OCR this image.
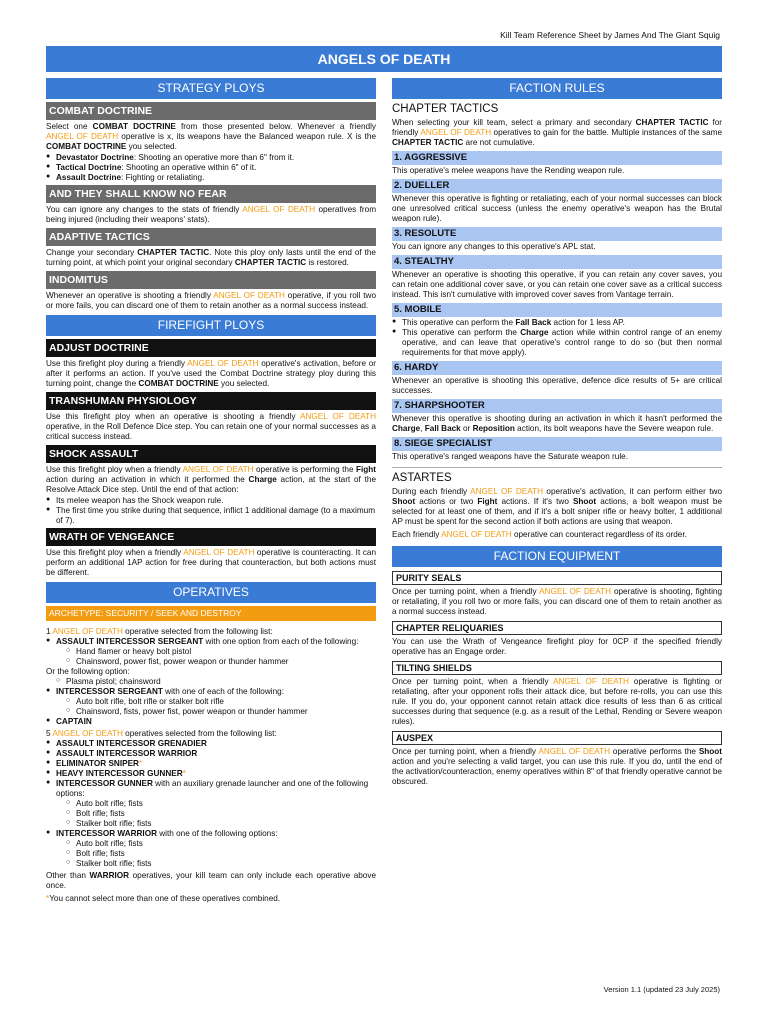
Kill Team Reference Sheet by James And The Giant Squig
ANGELS OF DEATH
STRATEGY PLOYS
COMBAT DOCTRINE
Select one COMBAT DOCTRINE from those presented below. Whenever a friendly ANGEL OF DEATH operative is x, its weapons have the Balanced weapon rule. X is the COMBAT DOCTRINE you selected.
● Devastator Doctrine: Shooting an operative more than 6" from it.
● Tactical Doctrine: Shooting an operative within 6" of it.
● Assault Doctrine: Fighting or retaliating.
AND THEY SHALL KNOW NO FEAR
You can ignore any changes to the stats of friendly ANGEL OF DEATH operatives from being injured (including their weapons' stats).
ADAPTIVE TACTICS
Change your secondary CHAPTER TACTIC. Note this ploy only lasts until the end of the turning point, at which point your original secondary CHAPTER TACTIC is restored.
INDOMITUS
Whenever an operative is shooting a friendly ANGEL OF DEATH operative, if you roll two or more fails, you can discard one of them to retain another as a normal success instead.
FIREFIGHT PLOYS
ADJUST DOCTRINE
Use this firefight ploy during a friendly ANGEL OF DEATH operative's activation, before or after it performs an action. If you've used the Combat Doctrine strategy ploy during this turning point, change the COMBAT DOCTRINE you selected.
TRANSHUMAN PHYSIOLOGY
Use this firefight ploy when an operative is shooting a friendly ANGEL OF DEATH operative, in the Roll Defence Dice step. You can retain one of your normal successes as a critical success instead.
SHOCK ASSAULT
Use this firefight ploy when a friendly ANGEL OF DEATH operative is performing the Fight action during an activation in which it performed the Charge action, at the start of the Resolve Attack Dice step. Until the end of that action:
● Its melee weapon has the Shock weapon rule.
● The first time you strike during that sequence, inflict 1 additional damage (to a maximum of 7).
WRATH OF VENGEANCE
Use this firefight ploy when a friendly ANGEL OF DEATH operative is counteracting. It can perform an additional 1AP action for free during that counteraction, but both actions must be different.
OPERATIVES
ARCHETYPE: SECURITY / SEEK AND DESTROY
1 ANGEL OF DEATH operative selected from the following list:
● ASSAULT INTERCESSOR SERGEANT with one option from each of the following:
○ Hand flamer or heavy bolt pistol
○ Chainsword, power fist, power weapon or thunder hammer
Or the following option:
○ Plasma pistol; chainsword
● INTERCESSOR SERGEANT with one of each of the following:
○ Auto bolt rifle, bolt rifle or stalker bolt rifle
○ Chainsword, fists, power fist, power weapon or thunder hammer
● CAPTAIN
5 ANGEL OF DEATH operatives selected from the following list:
● ASSAULT INTERCESSOR GRENADIER
● ASSAULT INTERCESSOR WARRIOR
● ELIMINATOR SNIPER*
● HEAVY INTERCESSOR GUNNER*
● INTERCESSOR GUNNER with an auxiliary grenade launcher and one of the following options:
○ Auto bolt rifle; fists
○ Bolt rifle; fists
○ Stalker bolt rifle; fists
● INTERCESSOR WARRIOR with one of the following options:
○ Auto bolt rifle; fists
○ Bolt rifle; fists
○ Stalker bolt rifle; fists
Other than WARRIOR operatives, your kill team can only include each operative above once.
*You cannot select more than one of these operatives combined.
FACTION RULES
CHAPTER TACTICS
When selecting your kill team, select a primary and secondary CHAPTER TACTIC for friendly ANGEL OF DEATH operatives to gain for the battle. Multiple instances of the same CHAPTER TACTIC are not cumulative.
1. AGGRESSIVE
This operative's melee weapons have the Rending weapon rule.
2. DUELLER
Whenever this operative is fighting or retaliating, each of your normal successes can block one unresolved critical success (unless the enemy operative's weapon has the Brutal weapon rule).
3. RESOLUTE
You can ignore any changes to this operative's APL stat.
4. STEALTHY
Whenever an operative is shooting this operative, if you can retain any cover saves, you can retain one additional cover save, or you can retain one cover save as a critical success instead. This isn't cumulative with improved cover saves from Vantage terrain.
5. MOBILE
● This operative can perform the Fall Back action for 1 less AP.
● This operative can perform the Charge action while within control range of an enemy operative, and can leave that operative's control range to do so (but then normal requirements for that move apply).
6. HARDY
Whenever an operative is shooting this operative, defence dice results of 5+ are critical successes.
7. SHARPSHOOTER
Whenever this operative is shooting during an activation in which it hasn't performed the Charge, Fall Back or Reposition action, its bolt weapons have the Severe weapon rule.
8. SIEGE SPECIALIST
This operative's ranged weapons have the Saturate weapon rule.
ASTARTES
During each friendly ANGEL OF DEATH operative's activation, it can perform either two Shoot actions or two Fight actions. If it's two Shoot actions, a bolt weapon must be selected for at least one of them, and if it's a bolt sniper rifle or heavy bolter, 1 additional AP must be spent for the second action if both actions are using that weapon.
Each friendly ANGEL OF DEATH operative can counteract regardless of its order.
FACTION EQUIPMENT
PURITY SEALS
Once per turning point, when a friendly ANGEL OF DEATH operative is shooting, fighting or retaliating, if you roll two or more fails, you can discard one of them to retain another as a normal success instead.
CHAPTER RELIQUARIES
You can use the Wrath of Vengeance firefight ploy for 0CP if the specified friendly operative has an Engage order.
TILTING SHIELDS
Once per turning point, when a friendly ANGEL OF DEATH operative is fighting or retaliating, after your opponent rolls their attack dice, but before re-rolls, you can use this rule. If you do, your opponent cannot retain attack dice results of less than 6 as critical successes during that sequence (e.g. as a result of the Lethal, Rending or Severe weapon rules).
AUSPEX
Once per turning point, when a friendly ANGEL OF DEATH operative performs the Shoot action and you're selecting a valid target, you can use this rule. If you do, until the end of the activation/counteraction, enemy operatives within 8" of that friendly operative cannot be obscured.
Version 1.1 (updated 23 July 2025)
